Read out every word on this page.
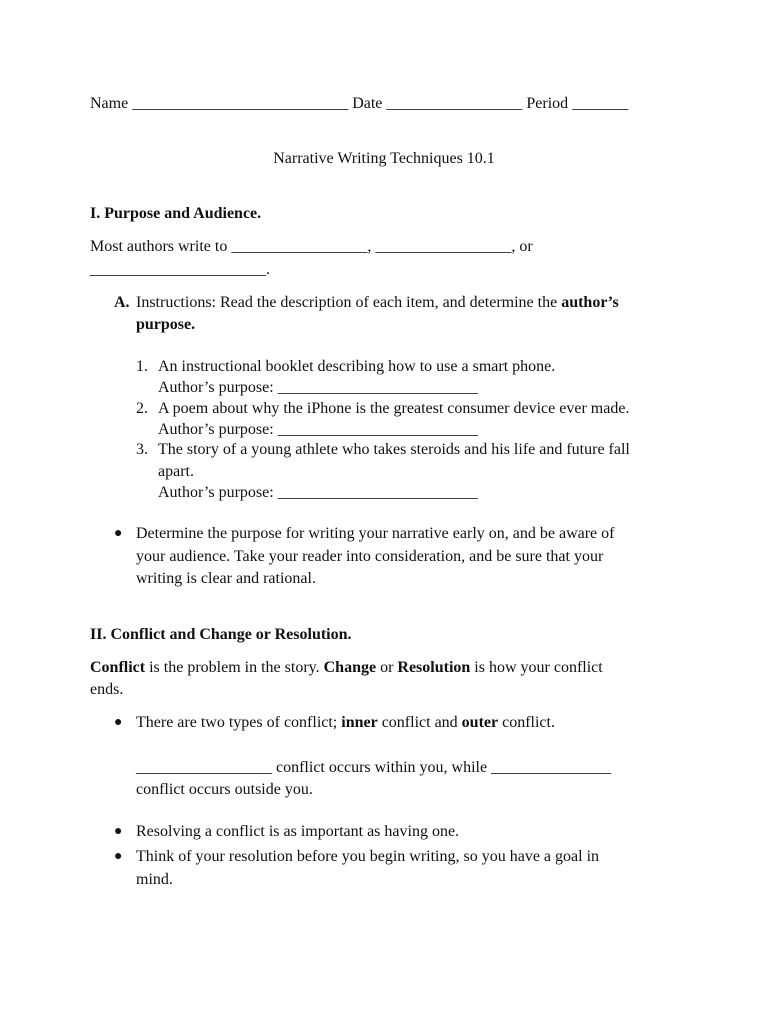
Name ___________________________ Date _________________ Period _______
Narrative Writing Techniques 10.1
I. Purpose and Audience.
Most authors write to _________________, _________________, or
______________________.
A. Instructions: Read the description of each item, and determine the author’s
purpose.
1. An instructional booklet describing how to use a smart phone.
Author’s purpose: _________________________
2. A poem about why the iPhone is the greatest consumer device ever made.
Author’s purpose: _________________________
3. The story of a young athlete who takes steroids and his life and future fall
apart.
Author’s purpose: _________________________
● Determine the purpose for writing your narrative early on, and be aware of
your audience. Take your reader into consideration, and be sure that your
writing is clear and rational.
II. Conflict and Change or Resolution.
Conflict is the problem in the story. Change or Resolution is how your conflict
ends.
● There are two types of conflict; inner conflict and outer conflict.
_________________ conflict occurs within you, while _______________
conflict occurs outside you.
● Resolving a conflict is as important as having one.
● Think of your resolution before you begin writing, so you have a goal in
mind.
